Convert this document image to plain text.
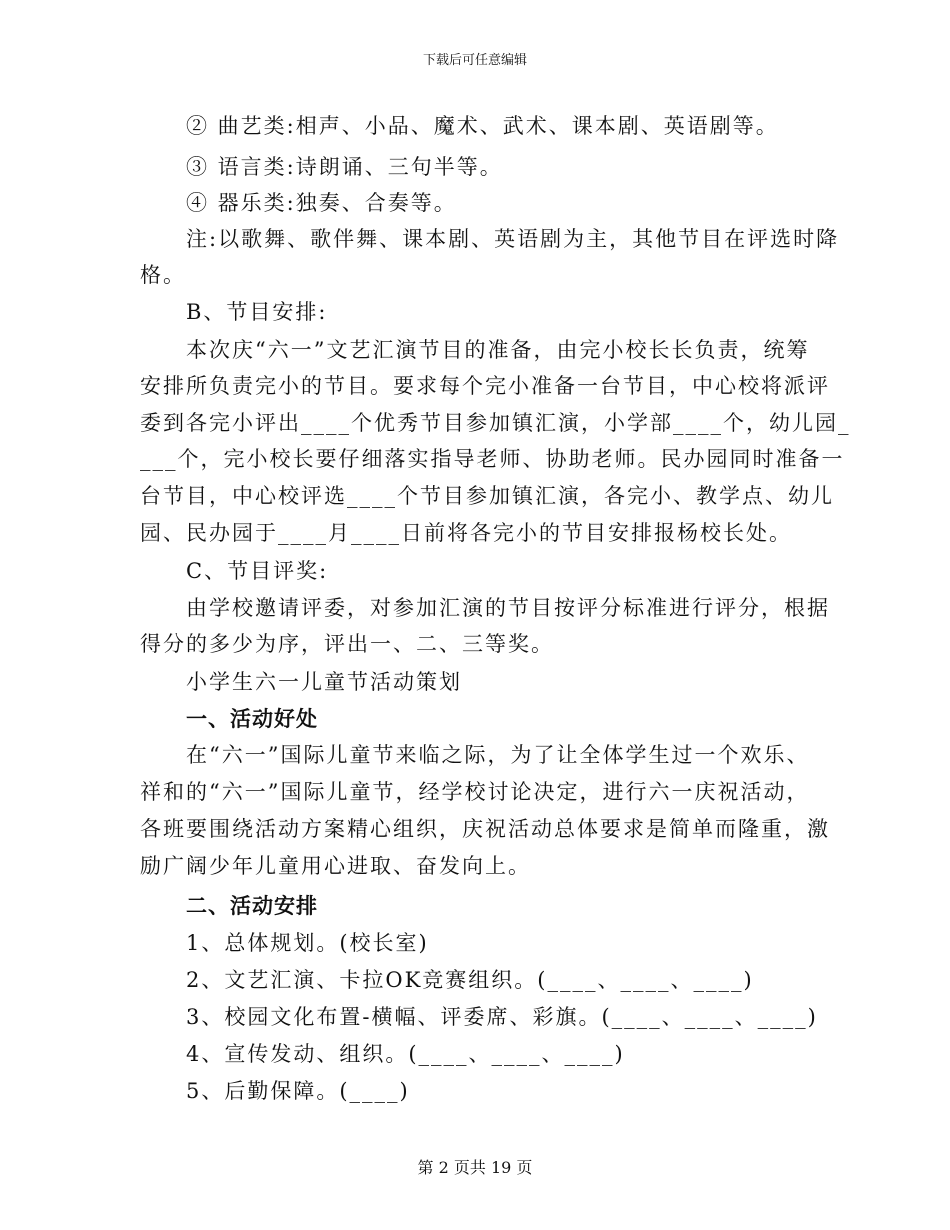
下载后可任意编辑
② 曲艺类:相声、小品、魔术、武术、课本剧、英语剧等。
③ 语言类:诗朗诵、三句半等。
④ 器乐类:独奏、合奏等。
注:以歌舞、歌伴舞、课本剧、英语剧为主，其他节目在评选时降
格。
B、节目安排:
本次庆“六一”文艺汇演节目的准备，由完小校长长负责，统筹
安排所负责完小的节目。要求每个完小准备一台节目，中心校将派评
委到各完小评出____个优秀节目参加镇汇演，小学部____个，幼儿园_
___个，完小校长要仔细落实指导老师、协助老师。民办园同时准备一
台节目，中心校评选____个节目参加镇汇演，各完小、教学点、幼儿
园、民办园于____月____日前将各完小的节目安排报杨校长处。
C、节目评奖:
由学校邀请评委，对参加汇演的节目按评分标准进行评分，根据
得分的多少为序，评出一、二、三等奖。
小学生六一儿童节活动策划
一、活动好处
在“六一”国际儿童节来临之际，为了让全体学生过一个欢乐、
祥和的“六一”国际儿童节，经学校讨论决定，进行六一庆祝活动，
各班要围绕活动方案精心组织，庆祝活动总体要求是简单而隆重，激
励广阔少年儿童用心进取、奋发向上。
二、活动安排
1、总体规划。(校长室)
2、文艺汇演、卡拉OK竞赛组织。(____、____、____)
3、校园文化布置-横幅、评委席、彩旗。(____、____、____)
4、宣传发动、组织。(____、____、____)
5、后勤保障。(____)
第 2 页共 19 页
